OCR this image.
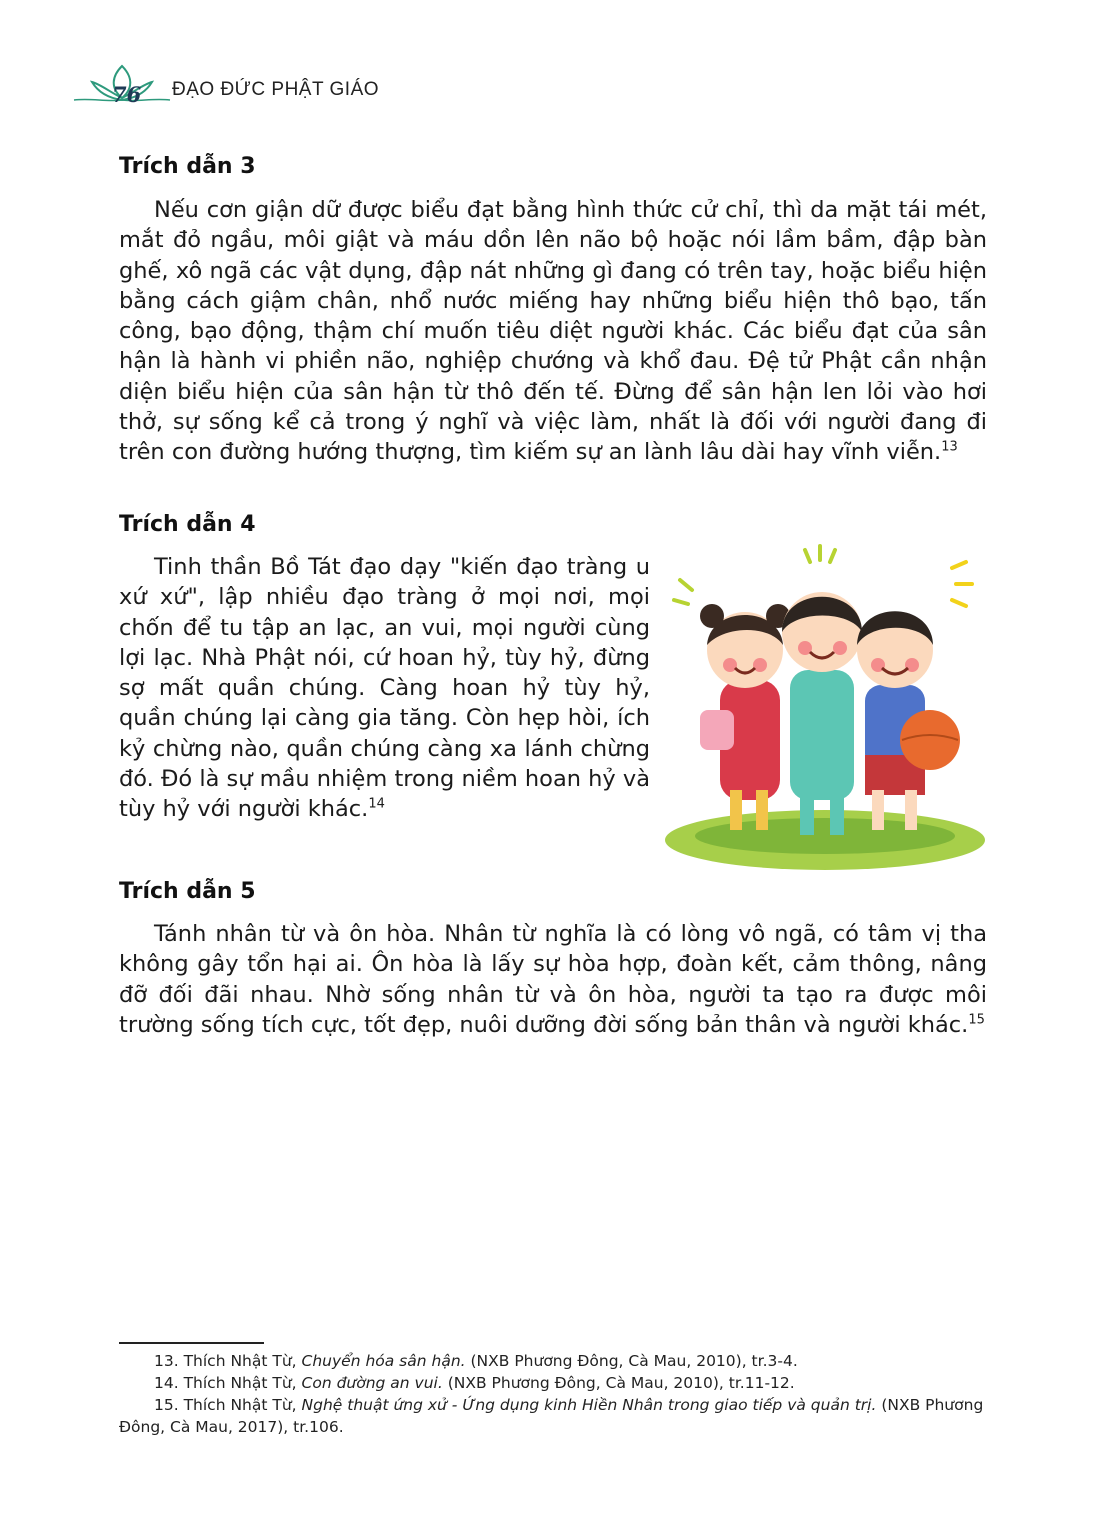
76 ĐẠO ĐỨC PHẬT GIÁO
Trích dẫn 3

Nếu cơn giận dữ được biểu đạt bằng hình thức cử chỉ, thì da mặt tái mét, mắt đỏ ngầu, môi giật và máu dồn lên não bộ hoặc nói lầm bầm, đập bàn ghế, xô ngã các vật dụng, đập nát những gì đang có trên tay, hoặc biểu hiện bằng cách giậm chân, nhổ nước miếng hay những biểu hiện thô bạo, tấn công, bạo động, thậm chí muốn tiêu diệt người khác. Các biểu đạt của sân hận là hành vi phiền não, nghiệp chướng và khổ đau. Đệ tử Phật cần nhận diện biểu hiện của sân hận từ thô đến tế. Đừng để sân hận len lỏi vào hơi thở, sự sống kể cả trong ý nghĩ và việc làm, nhất là đối với người đang đi trên con đường hướng thượng, tìm kiếm sự an lành lâu dài hay vĩnh viễn.$^{13}$

Trích dẫn 4

Tinh thần Bồ Tát đạo dạy "kiến đạo tràng u xứ xứ", lập nhiều đạo tràng ở mọi nơi, mọi chốn để tu tập an lạc, an vui, mọi người cùng lợi lạc. Nhà Phật nói, cứ hoan hỷ, tùy hỷ, đừng sợ mất quần chúng. Càng hoan hỷ tùy hỷ, quần chúng lại càng gia tăng. Còn hẹp hòi, ích kỷ chừng nào, quần chúng càng xa lánh chừng đó. Đó là sự mầu nhiệm trong niềm hoan hỷ và tùy hỷ với người khác.$^{14}$

Trích dẫn 5

Tánh nhân từ và ôn hòa. Nhân từ nghĩa là có lòng vô ngã, có tâm vị tha không gây tổn hại ai. Ôn hòa là lấy sự hòa hợp, đoàn kết, cảm thông, nâng đỡ đối đãi nhau. Nhờ sống nhân từ và ôn hòa, người ta tạo ra được môi trường sống tích cực, tốt đẹp, nuôi dưỡng đời sống bản thân và người khác.$^{15}$

13. Thích Nhật Từ, Chuyển hóa sân hận. (NXB Phương Đông, Cà Mau, 2010), tr.3-4.

14. Thích Nhật Từ, Con đường an vui. (NXB Phương Đông, Cà Mau, 2010), tr.11-12.

15. Thích Nhật Từ, Nghệ thuật ứng xử - Ứng dụng kinh Hiền Nhân trong giao tiếp và quản trị. (NXB Phương Đông, Cà Mau, 2017), tr.106.
